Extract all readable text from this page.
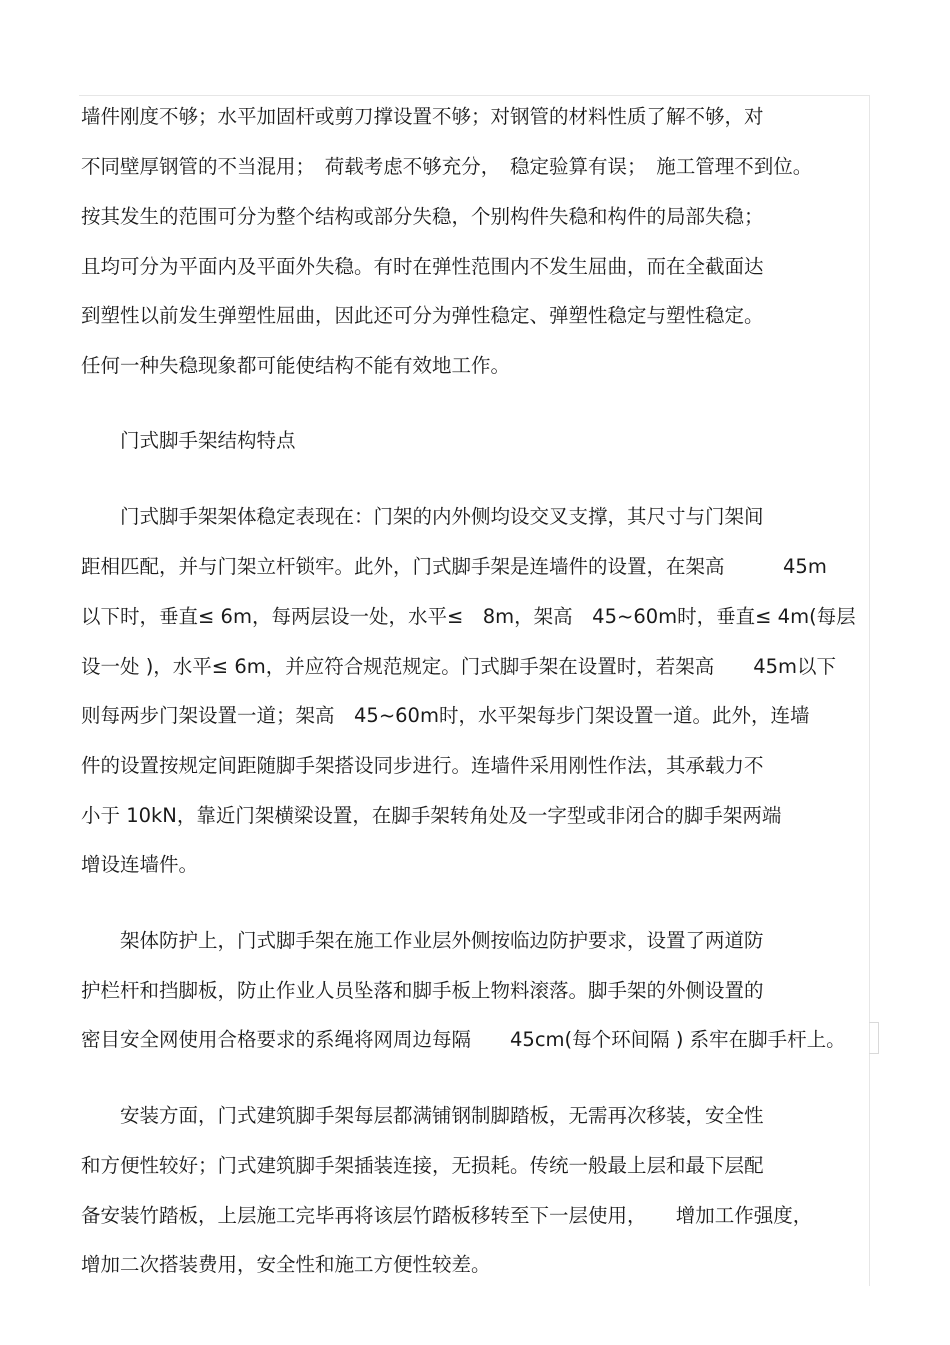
墙件刚度不够；水平加固杆或剪刀撑设置不够；对钢管的材料性质了解不够，对
不同壁厚钢管的不当混用；　荷载考虑不够充分，　稳定验算有误；　施工管理不到位。
按其发生的范围可分为整个结构或部分失稳，个别构件失稳和构件的局部失稳；
且均可分为平面内及平面外失稳。有时在弹性范围内不发生屈曲，而在全截面达
到塑性以前发生弹塑性屈曲，因此还可分为弹性稳定、弹塑性稳定与塑性稳定。
任何一种失稳现象都可能使结构不能有效地工作。
门式脚手架结构特点
门式脚手架架体稳定表现在：门架的内外侧均设交叉支撑，其尺寸与门架间
距相匹配，并与门架立杆锁牢。此外，门式脚手架是连墙件的设置，在架高　　　45m
以下时，垂直≤ 6m，每两层设一处，水平≤　8m，架高　45~60m时，垂直≤ 4m(每层
设一处 )，水平≤ 6m，并应符合规范规定。门式脚手架在设置时，若架高　　45m以下
则每两步门架设置一道；架高　45~60m时，水平架每步门架设置一道。此外，连墙
件的设置按规定间距随脚手架搭设同步进行。连墙件采用刚性作法，其承载力不
小于 10kN，靠近门架横梁设置，在脚手架转角处及一字型或非闭合的脚手架两端
增设连墙件。
架体防护上，门式脚手架在施工作业层外侧按临边防护要求，设置了两道防
护栏杆和挡脚板，防止作业人员坠落和脚手板上物料滚落。脚手架的外侧设置的
密目安全网使用合格要求的系绳将网周边每隔　　45cm(每个环间隔 ) 系牢在脚手杆上。
安装方面，门式建筑脚手架每层都满铺钢制脚踏板，无需再次移装，安全性
和方便性较好；门式建筑脚手架插装连接，无损耗。传统一般最上层和最下层配
备安装竹踏板，上层施工完毕再将该层竹踏板移转至下一层使用，　　增加工作强度，
增加二次搭装费用，安全性和施工方便性较差。
